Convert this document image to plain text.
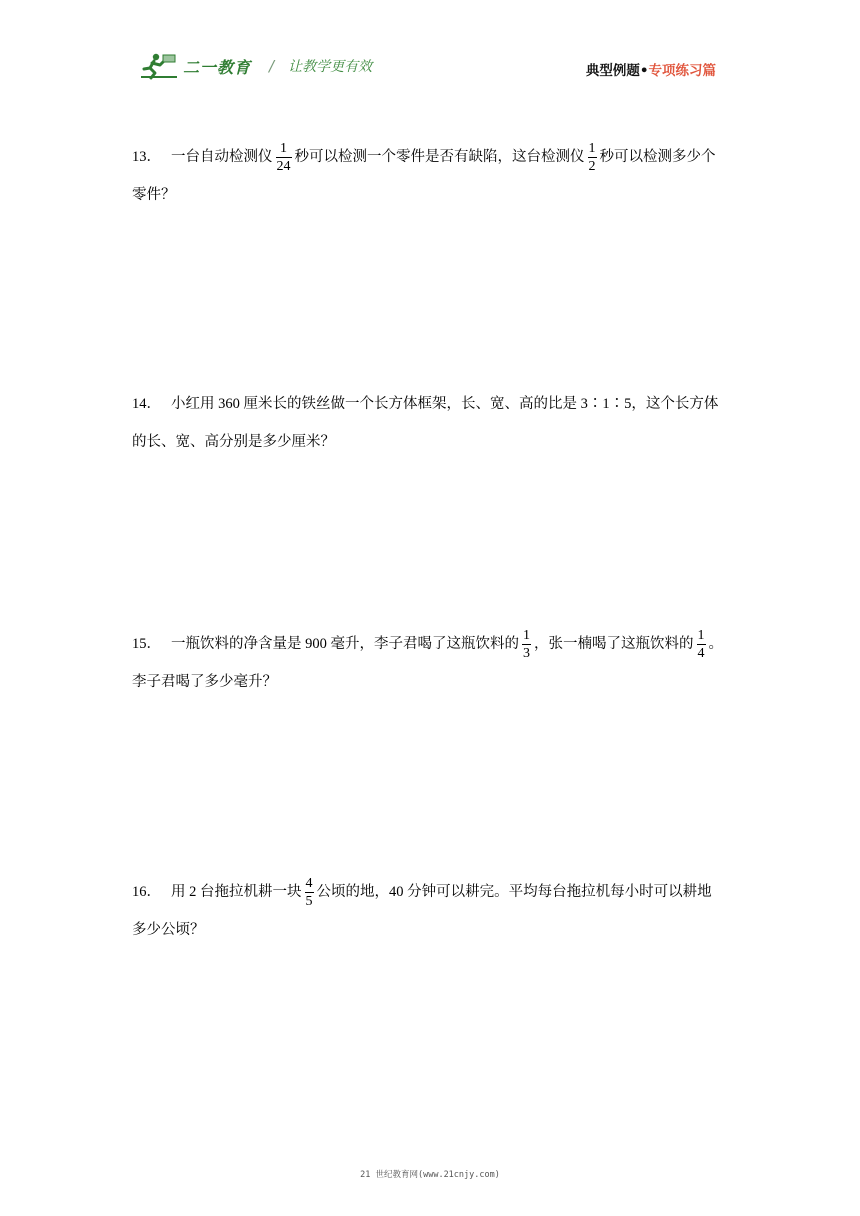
二一教育 / 让教学更有效	典型例题•专项练习篇
13． 一台自动检测仪 $\frac{1}{24}$ 秒可以检测一个零件是否有缺陷，这台检测仪 $\frac{1}{2}$ 秒可以检测多少个
零件？
14． 小红用 360 厘米长的铁丝做一个长方体框架，长、宽、高的比是 3∶1∶5，这个长方体
的长、宽、高分别是多少厘米？
15． 一瓶饮料的净含量是 900 毫升，李子君喝了这瓶饮料的 $\frac{1}{3}$ ，张一楠喝了这瓶饮料的 $\frac{1}{4}$ 。
李子君喝了多少毫升？
16． 用 2 台拖拉机耕一块 $\frac{4}{5}$ 公顷的地，40 分钟可以耕完。平均每台拖拉机每小时可以耕地
多少公顷？
21 世纪教育网(www.21cnjy.com)
